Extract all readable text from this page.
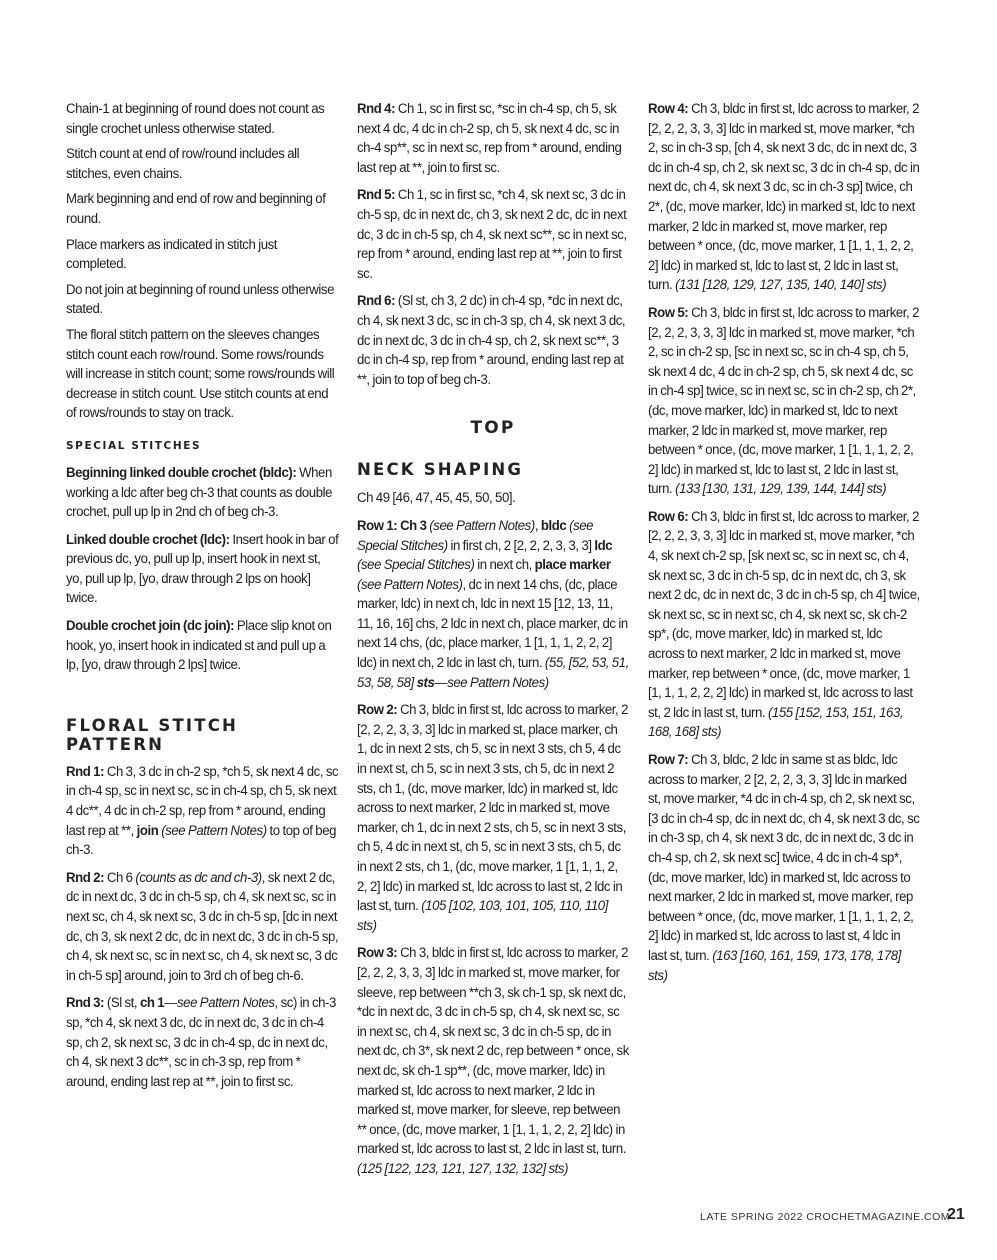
Chain-1 at beginning of round does not count as single crochet unless otherwise stated.

Stitch count at end of row/round includes all stitches, even chains.

Mark beginning and end of row and beginning of round.

Place markers as indicated in stitch just completed.

Do not join at beginning of round unless otherwise stated.

The floral stitch pattern on the sleeves changes stitch count each row/round. Some rows/rounds will increase in stitch count; some rows/rounds will decrease in stitch count. Use stitch counts at end of rows/rounds to stay on track.

SPECIAL STITCHES

Beginning linked double crochet (bldc): When working a ldc after beg ch-3 that counts as double crochet, pull up lp in 2nd ch of beg ch-3.

Linked double crochet (ldc): Insert hook in bar of previous dc, yo, pull up lp, insert hook in next st, yo, pull up lp, [yo, draw through 2 lps on hook] twice.

Double crochet join (dc join): Place slip knot on hook, yo, insert hook in indicated st and pull up a lp, [yo, draw through 2 lps] twice.

FLORAL STITCH PATTERN

Rnd 1: Ch 3, 3 dc in ch-2 sp, *ch 5, sk next 4 dc, sc in ch-4 sp, sc in next sc, sc in ch-4 sp, ch 5, sk next 4 dc**, 4 dc in ch-2 sp, rep from * around, ending last rep at **, join (see Pattern Notes) to top of beg ch-3.

Rnd 2: Ch 6 (counts as dc and ch-3), sk next 2 dc, dc in next dc, 3 dc in ch-5 sp, ch 4, sk next sc, sc in next sc, ch 4, sk next sc, 3 dc in ch-5 sp, [dc in next dc, ch 3, sk next 2 dc, dc in next dc, 3 dc in ch-5 sp, ch 4, sk next sc, sc in next sc, ch 4, sk next sc, 3 dc in ch-5 sp] around, join to 3rd ch of beg ch-6.

Rnd 3: (Sl st, ch 1—see Pattern Notes, sc) in ch-3 sp, *ch 4, sk next 3 dc, dc in next dc, 3 dc in ch-4 sp, ch 2, sk next sc, 3 dc in ch-4 sp, dc in next dc, ch 4, sk next 3 dc**, sc in ch-3 sp, rep from * around, ending last rep at **, join to first sc.

Rnd 4: Ch 1, sc in first sc, *sc in ch-4 sp, ch 5, sk next 4 dc, 4 dc in ch-2 sp, ch 5, sk next 4 dc, sc in ch-4 sp**, sc in next sc, rep from * around, ending last rep at **, join to first sc.

Rnd 5: Ch 1, sc in first sc, *ch 4, sk next sc, 3 dc in ch-5 sp, dc in next dc, ch 3, sk next 2 dc, dc in next dc, 3 dc in ch-5 sp, ch 4, sk next sc**, sc in next sc, rep from * around, ending last rep at **, join to first sc.

Rnd 6: (Sl st, ch 3, 2 dc) in ch-4 sp, *dc in next dc, ch 4, sk next 3 dc, sc in ch-3 sp, ch 4, sk next 3 dc, dc in next dc, 3 dc in ch-4 sp, ch 2, sk next sc**, 3 dc in ch-4 sp, rep from * around, ending last rep at **, join to top of beg ch-3.

TOP
NECK SHAPING

Ch 49 [46, 47, 45, 45, 50, 50].

Row 1: Ch 3 (see Pattern Notes), bldc (see Special Stitches) in first ch, 2 [2, 2, 2, 3, 3, 3] ldc (see Special Stitches) in next ch, place marker (see Pattern Notes), dc in next 14 chs, (dc, place marker, ldc) in next ch, ldc in next 15 [12, 13, 11, 11, 16, 16] chs, 2 ldc in next ch, place marker, dc in next 14 chs, (dc, place marker, 1 [1, 1, 1, 2, 2, 2] ldc) in next ch, 2 ldc in last ch, turn. (55, [52, 53, 51, 53, 58, 58] sts—see Pattern Notes)

Row 2: Ch 3, bldc in first st, ldc across to marker, 2 [2, 2, 2, 3, 3, 3] ldc in marked st, place marker, ch 1, dc in next 2 sts, ch 5, sc in next 3 sts, ch 5, 4 dc in next st, ch 5, sc in next 3 sts, ch 5, dc in next 2 sts, ch 1, (dc, move marker, ldc) in marked st, ldc across to next marker, 2 ldc in marked st, move marker, ch 1, dc in next 2 sts, ch 5, sc in next 3 sts, ch 5, 4 dc in next st, ch 5, sc in next 3 sts, ch 5, dc in next 2 sts, ch 1, (dc, move marker, 1 [1, 1, 1, 2, 2, 2] ldc) in marked st, ldc across to last st, 2 ldc in last st, turn. (105 [102, 103, 101, 105, 110, 110] sts)

Row 3: Ch 3, bldc in first st, ldc across to marker, 2 [2, 2, 2, 3, 3, 3] ldc in marked st, move marker, for sleeve, rep between **ch 3, sk ch-1 sp, sk next dc, *dc in next dc, 3 dc in ch-5 sp, ch 4, sk next sc, sc in next sc, ch 4, sk next sc, 3 dc in ch-5 sp, dc in next dc, ch 3*, sk next 2 dc, rep between * once, sk next dc, sk ch-1 sp**, (dc, move marker, ldc) in marked st, ldc across to next marker, 2 ldc in marked st, move marker, for sleeve, rep between ** once, (dc, move marker, 1 [1, 1, 1, 2, 2, 2] ldc) in marked st, ldc across to last st, 2 ldc in last st, turn. (125 [122, 123, 121, 127, 132, 132] sts)

Row 4: Ch 3, bldc in first st, ldc across to marker, 2 [2, 2, 2, 3, 3, 3] ldc in marked st, move marker, *ch 2, sc in ch-3 sp, [ch 4, sk next 3 dc, dc in next dc, 3 dc in ch-4 sp, ch 2, sk next sc, 3 dc in ch-4 sp, dc in next dc, ch 4, sk next 3 dc, sc in ch-3 sp] twice, ch 2*, (dc, move marker, ldc) in marked st, ldc to next marker, 2 ldc in marked st, move marker, rep between * once, (dc, move marker, 1 [1, 1, 1, 2, 2, 2] ldc) in marked st, ldc to last st, 2 ldc in last st, turn. (131 [128, 129, 127, 135, 140, 140] sts)

Row 5: Ch 3, bldc in first st, ldc across to marker, 2 [2, 2, 2, 3, 3, 3] ldc in marked st, move marker, *ch 2, sc in ch-2 sp, [sc in next sc, sc in ch-4 sp, ch 5, sk next 4 dc, 4 dc in ch-2 sp, ch 5, sk next 4 dc, sc in ch-4 sp] twice, sc in next sc, sc in ch-2 sp, ch 2*, (dc, move marker, ldc) in marked st, ldc to next marker, 2 ldc in marked st, move marker, rep between * once, (dc, move marker, 1 [1, 1, 1, 2, 2, 2] ldc) in marked st, ldc to last st, 2 ldc in last st, turn. (133 [130, 131, 129, 139, 144, 144] sts)

Row 6: Ch 3, bldc in first st, ldc across to marker, 2 [2, 2, 2, 3, 3, 3] ldc in marked st, move marker, *ch 4, sk next ch-2 sp, [sk next sc, sc in next sc, ch 4, sk next sc, 3 dc in ch-5 sp, dc in next dc, ch 3, sk next 2 dc, dc in next dc, 3 dc in ch-5 sp, ch 4] twice, sk next sc, sc in next sc, ch 4, sk next sc, sk ch-2 sp*, (dc, move marker, ldc) in marked st, ldc across to next marker, 2 ldc in marked st, move marker, rep between * once, (dc, move marker, 1 [1, 1, 1, 2, 2, 2] ldc) in marked st, ldc across to last st, 2 ldc in last st, turn. (155 [152, 153, 151, 163, 168, 168] sts)

Row 7: Ch 3, bldc, 2 ldc in same st as bldc, ldc across to marker, 2 [2, 2, 2, 3, 3, 3] ldc in marked st, move marker, *4 dc in ch-4 sp, ch 2, sk next sc, [3 dc in ch-4 sp, dc in next dc, ch 4, sk next 3 dc, sc in ch-3 sp, ch 4, sk next 3 dc, dc in next dc, 3 dc in ch-4 sp, ch 2, sk next sc] twice, 4 dc in ch-4 sp*, (dc, move marker, ldc) in marked st, ldc across to next marker, 2 ldc in marked st, move marker, rep between * once, (dc, move marker, 1 [1, 1, 1, 2, 2, 2] ldc) in marked st, ldc across to last st, 4 ldc in last st, turn. (163 [160, 161, 159, 173, 178, 178] sts)

LATE SPRING 2022 CROCHETMAGAZINE.COM
21
